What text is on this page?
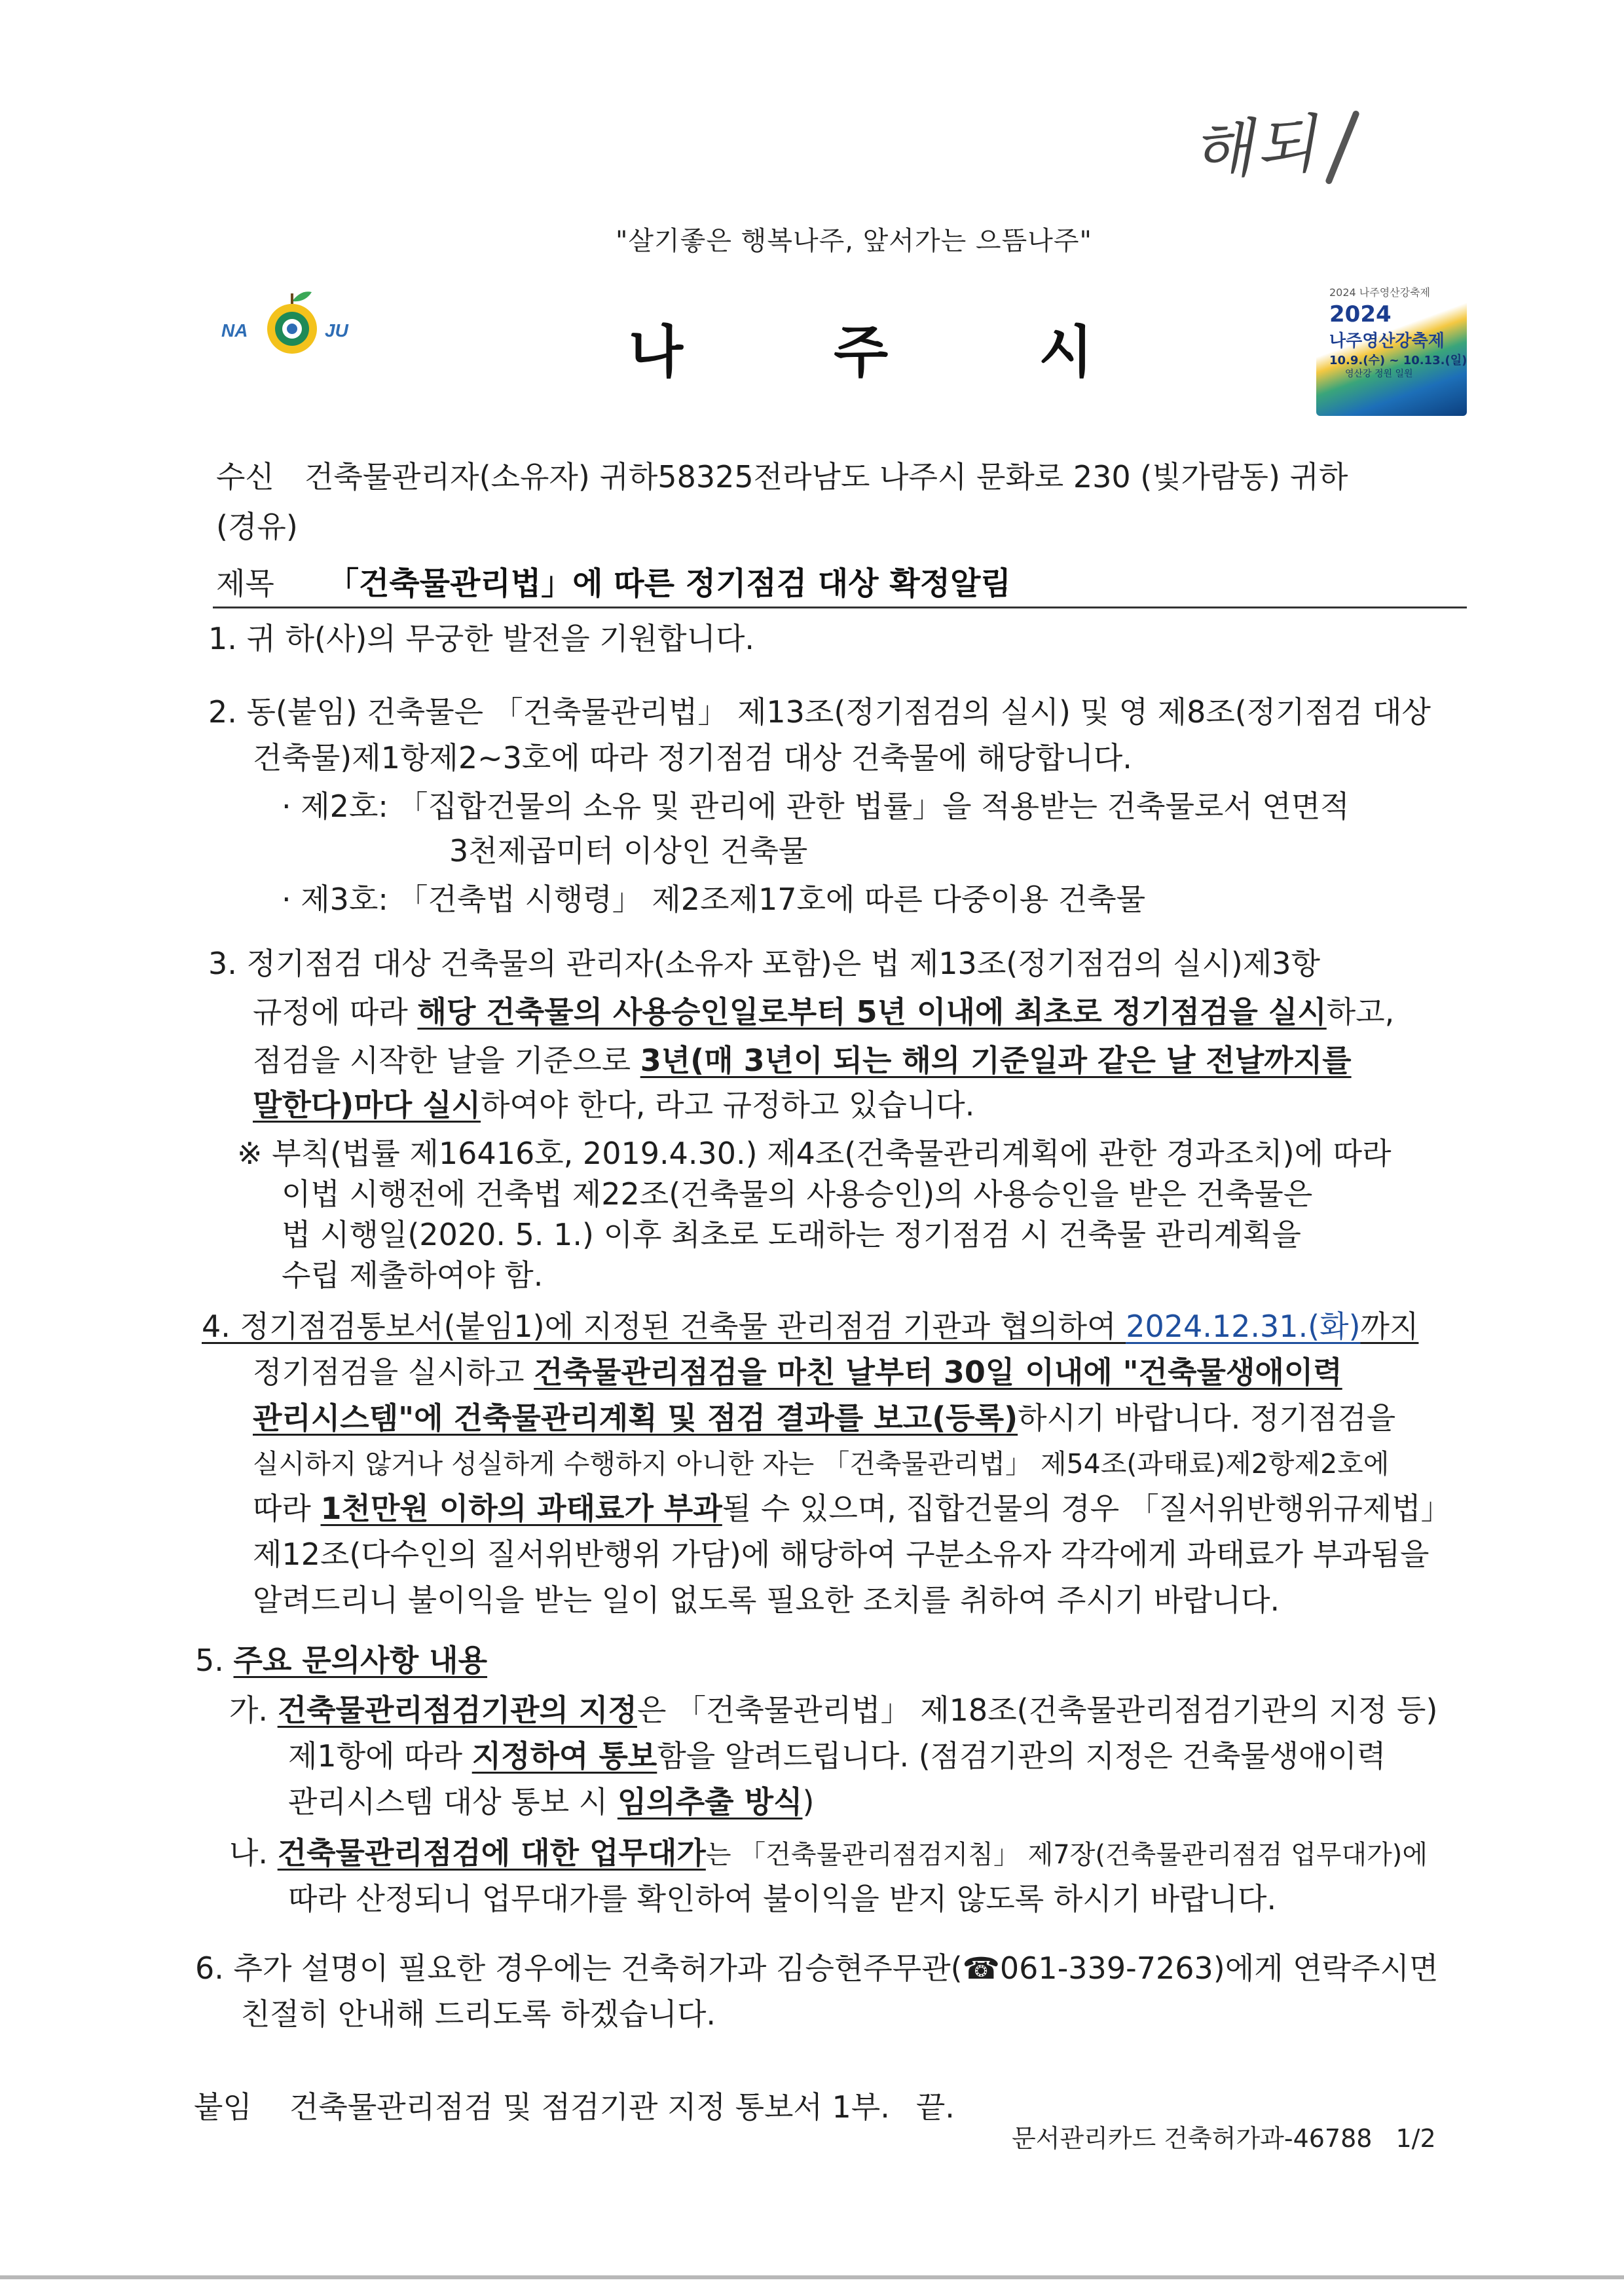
해되
"살기좋은 행복나주, 앞서가는 으뜸나주"
NA	JU	나주시
2024 나주영산강축제
2024
나주영산강축제
10.9.(수) ~ 10.13.(일)
영산강 정원 일원
수신 건축물관리자(소유자) 귀하58325전라남도 나주시 문화로 230 (빛가람동) 귀하
(경유)
제목 「건축물관리법」에 따른 정기점검 대상 확정알림
1. 귀 하(사)의 무궁한 발전을 기원합니다.
2. 동(붙임) 건축물은 「건축물관리법」 제13조(정기점검의 실시) 및 영 제8조(정기점검 대상
건축물)제1항제2~3호에 따라 정기점검 대상 건축물에 해당합니다.
· 제2호: 「집합건물의 소유 및 관리에 관한 법률」을 적용받는 건축물로서 연면적
3천제곱미터 이상인 건축물
· 제3호: 「건축법 시행령」 제2조제17호에 따른 다중이용 건축물
3. 정기점검 대상 건축물의 관리자(소유자 포함)은 법 제13조(정기점검의 실시)제3항
규정에 따라 해당 건축물의 사용승인일로부터 5년 이내에 최초로 정기점검을 실시하고,
점검을 시작한 날을 기준으로 3년(매 3년이 되는 해의 기준일과 같은 날 전날까지를
말한다)마다 실시하여야 한다, 라고 규정하고 있습니다.
※ 부칙(법률 제16416호, 2019.4.30.) 제4조(건축물관리계획에 관한 경과조치)에 따라
이법 시행전에 건축법 제22조(건축물의 사용승인)의 사용승인을 받은 건축물은
법 시행일(2020. 5. 1.) 이후 최초로 도래하는 정기점검 시 건축물 관리계획을
수립 제출하여야 함.
4. 정기점검통보서(붙임1)에 지정된 건축물 관리점검 기관과 협의하여 2024.12.31.(화)까지
정기점검을 실시하고 건축물관리점검을 마친 날부터 30일 이내에 "건축물생애이력
관리시스템"에 건축물관리계획 및 점검 결과를 보고(등록)하시기 바랍니다. 정기점검을
실시하지 않거나 성실하게 수행하지 아니한 자는 「건축물관리법」 제54조(과태료)제2항제2호에
따라 1천만원 이하의 과태료가 부과될 수 있으며, 집합건물의 경우 「질서위반행위규제법」
제12조(다수인의 질서위반행위 가담)에 해당하여 구분소유자 각각에게 과태료가 부과됨을
알려드리니 불이익을 받는 일이 없도록 필요한 조치를 취하여 주시기 바랍니다.
5. 주요 문의사항 내용
가. 건축물관리점검기관의 지정은 「건축물관리법」 제18조(건축물관리점검기관의 지정 등)
제1항에 따라 지정하여 통보함을 알려드립니다. (점검기관의 지정은 건축물생애이력
관리시스템 대상 통보 시 임의추출 방식)
나. 건축물관리점검에 대한 업무대가는 「건축물관리점검지침」 제7장(건축물관리점검 업무대가)에
따라 산정되니 업무대가를 확인하여 불이익을 받지 않도록 하시기 바랍니다.
6. 추가 설명이 필요한 경우에는 건축허가과 김승현주무관(☎061-339-7263)에게 연락주시면
친절히 안내해 드리도록 하겠습니다.
붙임 건축물관리점검 및 점검기관 지정 통보서 1부. 끝.
문서관리카드 건축허가과-46788 1/2
